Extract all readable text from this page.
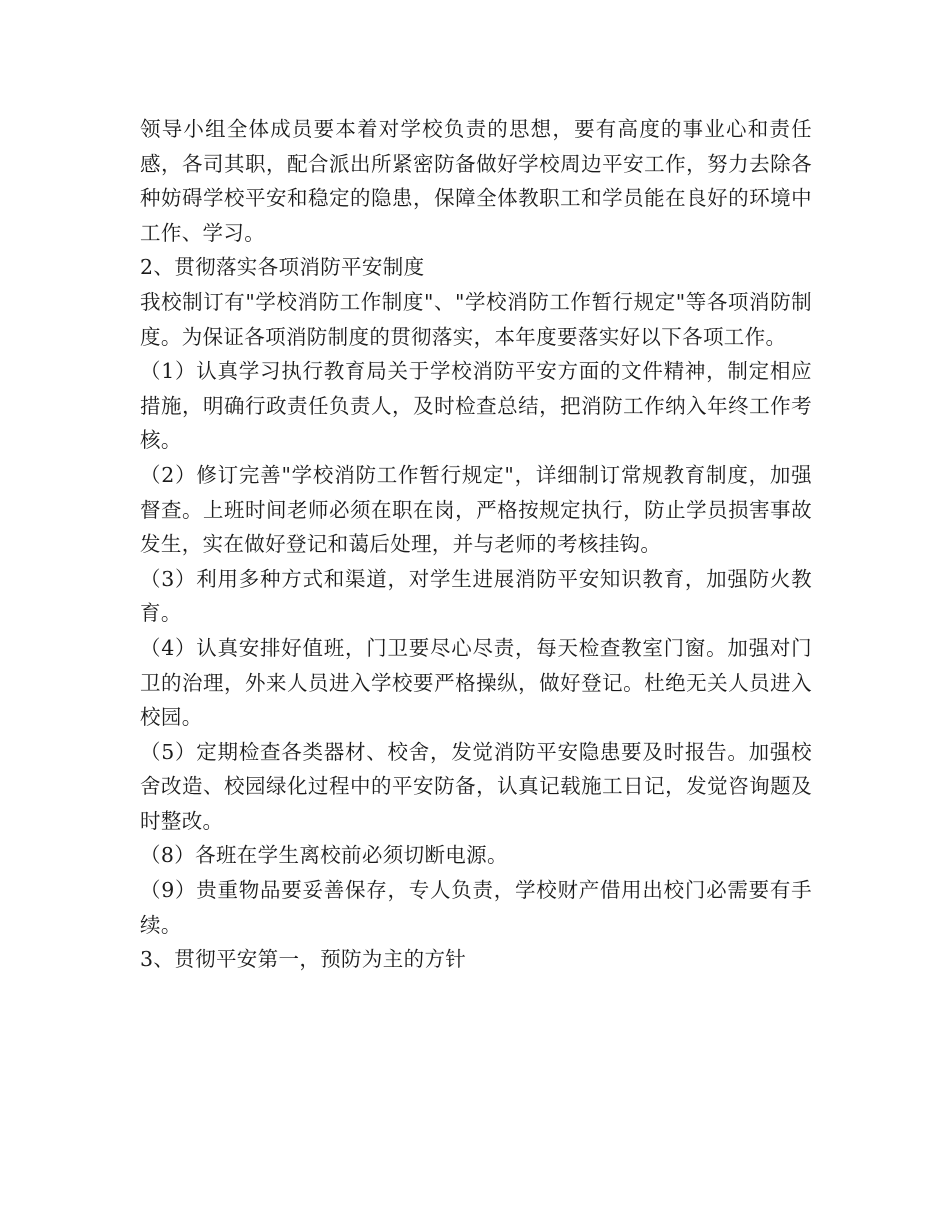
领导小组全体成员要本着对学校负责的思想，要有高度的事业心和责任感，各司其职，配合派出所紧密防备做好学校周边平安工作，努力去除各种妨碍学校平安和稳定的隐患，保障全体教职工和学员能在良好的环境中工作、学习。

2、贯彻落实各项消防平安制度

我校制订有"学校消防工作制度"、"学校消防工作暂行规定"等各项消防制度。为保证各项消防制度的贯彻落实，本年度要落实好以下各项工作。

（1）认真学习执行教育局关于学校消防平安方面的文件精神，制定相应措施，明确行政责任负责人，及时检查总结，把消防工作纳入年终工作考核。

（2）修订完善"学校消防工作暂行规定"，详细制订常规教育制度，加强督查。上班时间老师必须在职在岗，严格按规定执行，防止学员损害事故发生，实在做好登记和蔼后处理，并与老师的考核挂钩。

（3）利用多种方式和渠道，对学生进展消防平安知识教育，加强防火教育。

（4）认真安排好值班，门卫要尽心尽责，每天检查教室门窗。加强对门卫的治理，外来人员进入学校要严格操纵，做好登记。杜绝无关人员进入校园。

（5）定期检查各类器材、校舍，发觉消防平安隐患要及时报告。加强校舍改造、校园绿化过程中的平安防备，认真记载施工日记，发觉咨询题及时整改。

（8）各班在学生离校前必须切断电源。

（9）贵重物品要妥善保存，专人负责，学校财产借用出校门必需要有手续。

3、贯彻平安第一，预防为主的方针
